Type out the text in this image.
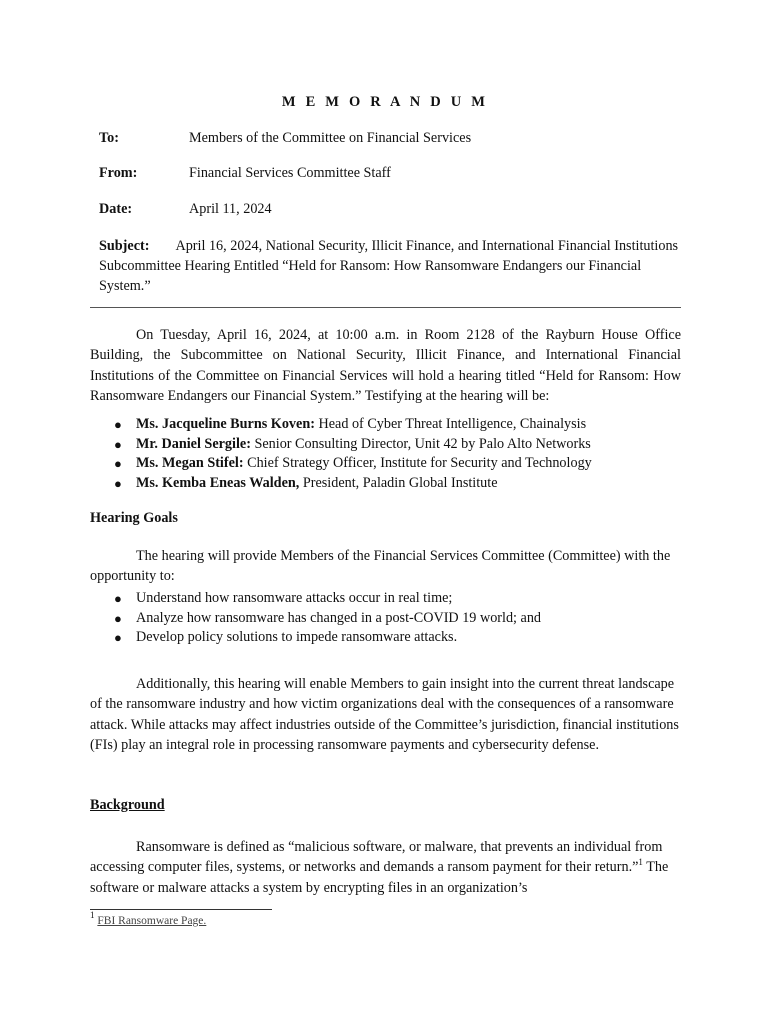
M E M O R A N D U M
To:	Members of the Committee on Financial Services
From:	Financial Services Committee Staff
Date:	April 11, 2024
Subject: April 16, 2024, National Security, Illicit Finance, and International Financial Institutions Subcommittee Hearing Entitled “Held for Ransom: How Ransomware Endangers our Financial System.”
On Tuesday, April 16, 2024, at 10:00 a.m. in Room 2128 of the Rayburn House Office Building, the Subcommittee on National Security, Illicit Finance, and International Financial Institutions of the Committee on Financial Services will hold a hearing titled “Held for Ransom: How Ransomware Endangers our Financial System.” Testifying at the hearing will be:
● Ms. Jacqueline Burns Koven: Head of Cyber Threat Intelligence, Chainalysis
● Mr. Daniel Sergile: Senior Consulting Director, Unit 42 by Palo Alto Networks
● Ms. Megan Stifel: Chief Strategy Officer, Institute for Security and Technology
● Ms. Kemba Eneas Walden, President, Paladin Global Institute
Hearing Goals
The hearing will provide Members of the Financial Services Committee (Committee) with the opportunity to:
● Understand how ransomware attacks occur in real time;
● Analyze how ransomware has changed in a post-COVID 19 world; and
● Develop policy solutions to impede ransomware attacks.
Additionally, this hearing will enable Members to gain insight into the current threat landscape of the ransomware industry and how victim organizations deal with the consequences of a ransomware attack. While attacks may affect industries outside of the Committee’s jurisdiction, financial institutions (FIs) play an integral role in processing ransomware payments and cybersecurity defense.
Background
Ransomware is defined as “malicious software, or malware, that prevents an individual from accessing computer files, systems, or networks and demands a ransom payment for their return.”$^1$ The software or malware attacks a system by encrypting files in an organization’s
$^1$ FBI Ransomware Page.
